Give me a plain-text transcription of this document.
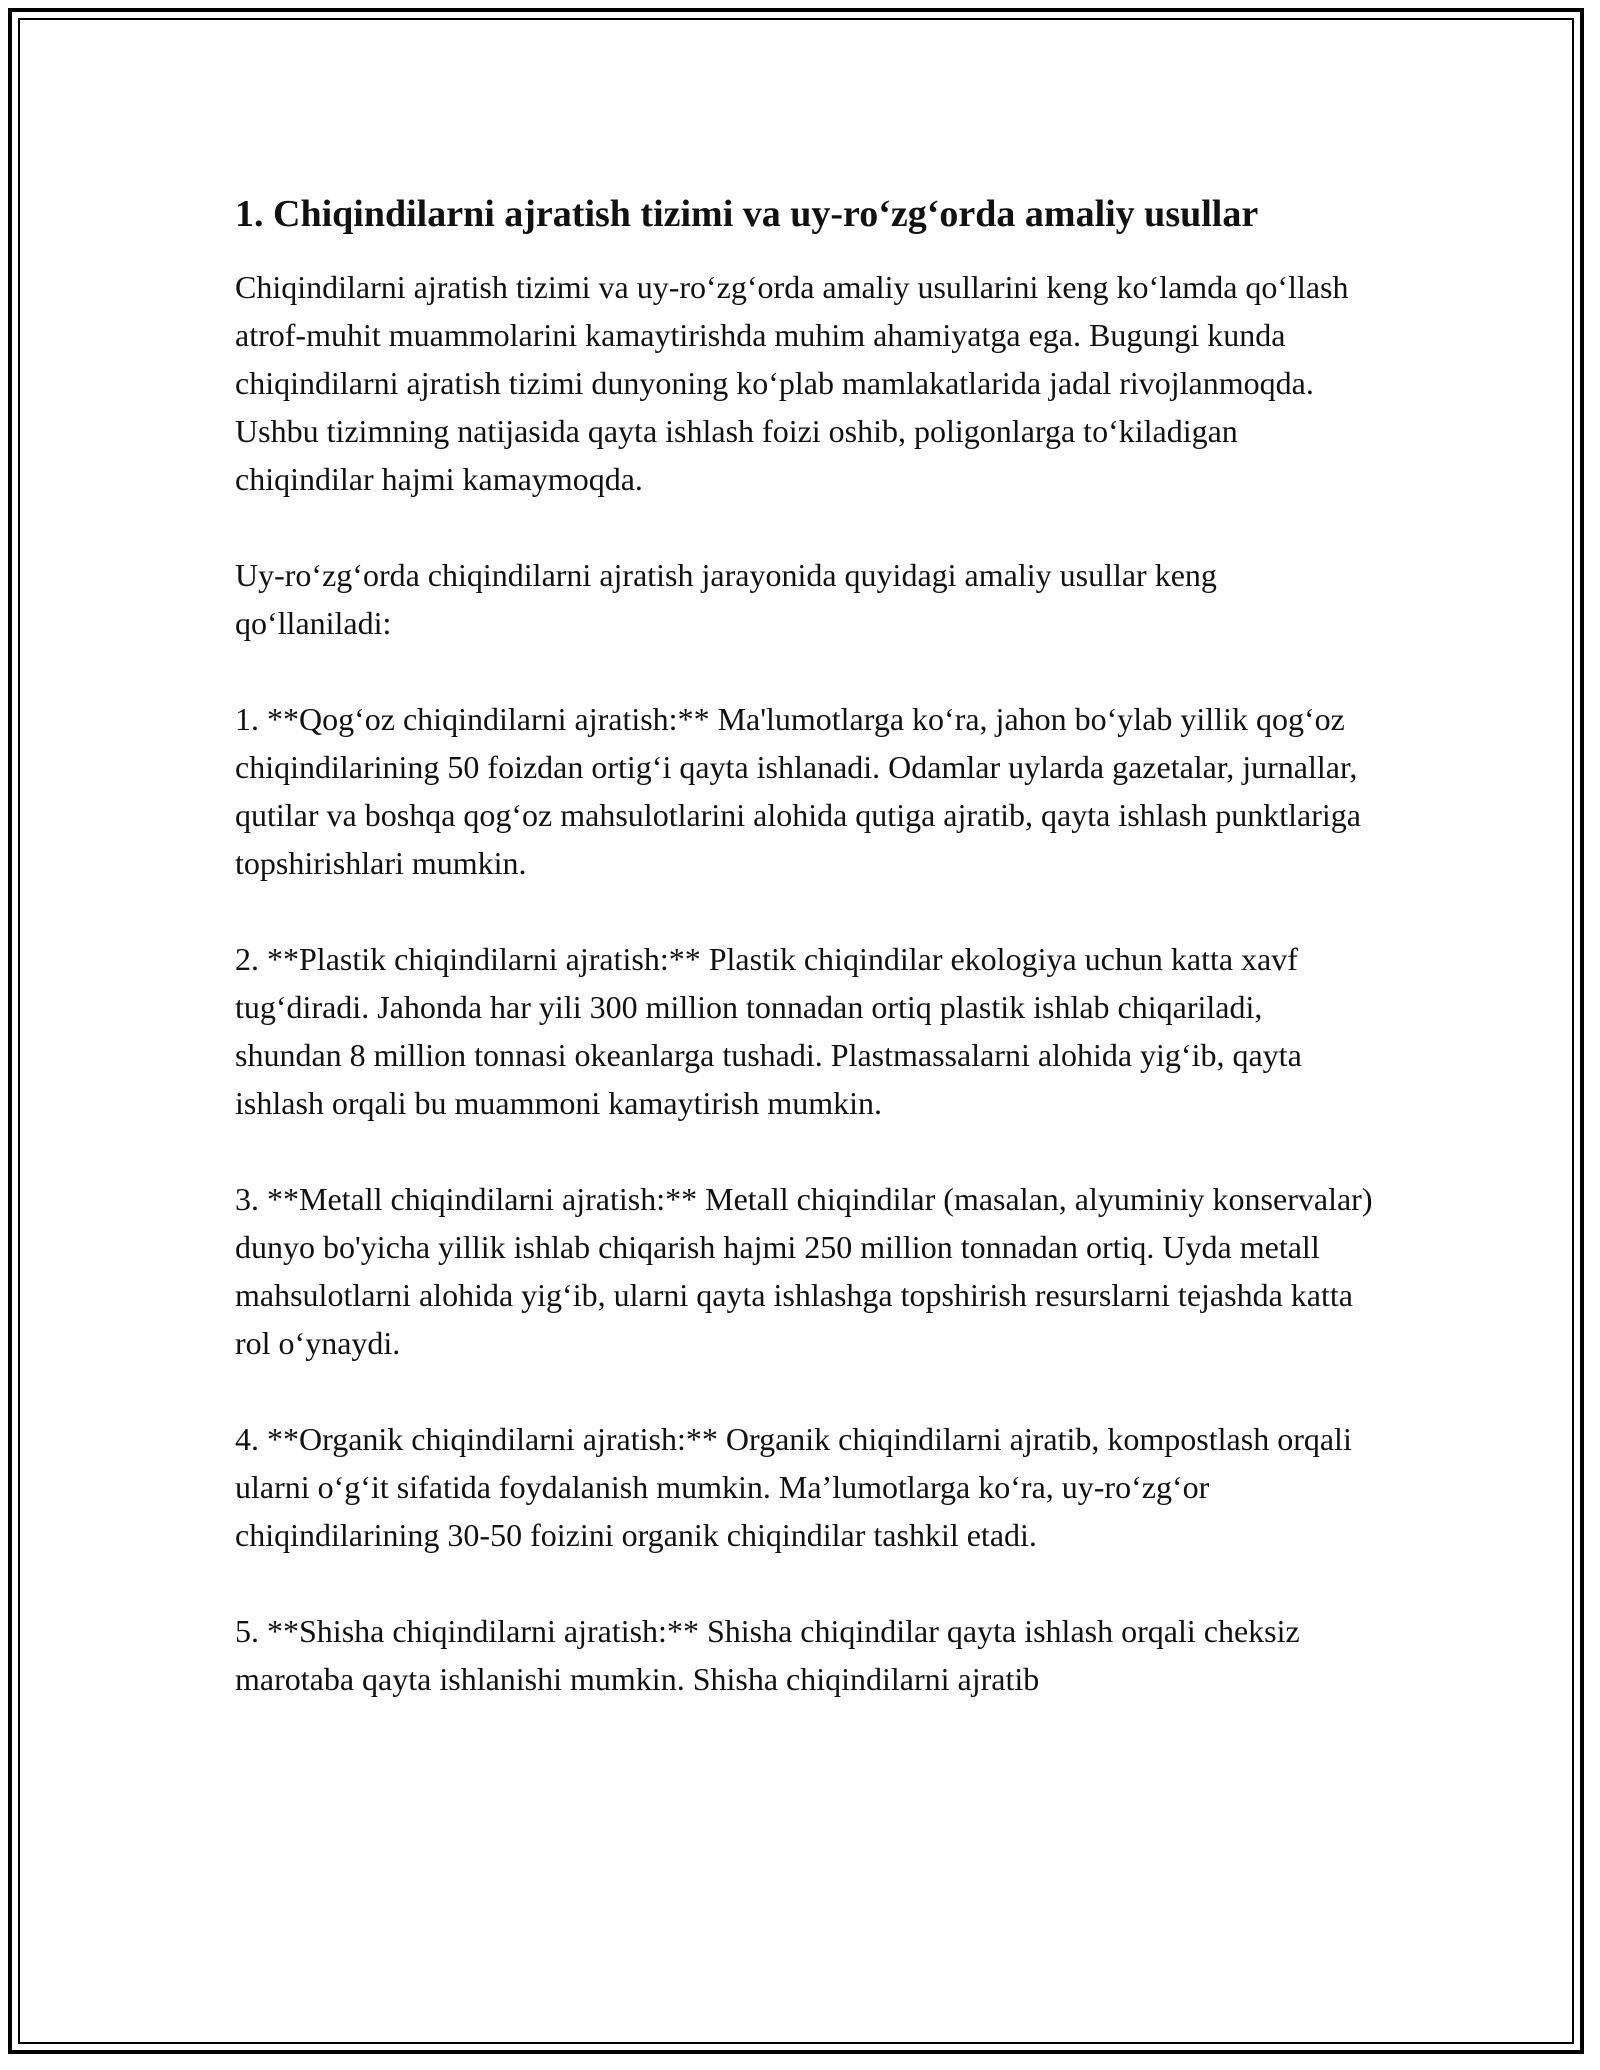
1. Chiqindilarni ajratish tizimi va uy-ro‘zg‘orda amaliy usullar

Chiqindilarni ajratish tizimi va uy-ro‘zg‘orda amaliy usullarini keng ko‘lamda qo‘llash atrof-muhit muammolarini kamaytirishda muhim ahamiyatga ega. Bugungi kunda chiqindilarni ajratish tizimi dunyoning ko‘plab mamlakatlarida jadal rivojlanmoqda. Ushbu tizimning natijasida qayta ishlash foizi oshib, poligonlarga to‘kiladigan chiqindilar hajmi kamaymoqda.

Uy-ro‘zg‘orda chiqindilarni ajratish jarayonida quyidagi amaliy usullar keng qo‘llaniladi:

1. **Qog‘oz chiqindilarni ajratish:** Ma'lumotlarga ko‘ra, jahon bo‘ylab yillik qog‘oz chiqindilarining 50 foizdan ortig‘i qayta ishlanadi. Odamlar uylarda gazetalar, jurnallar, qutilar va boshqa qog‘oz mahsulotlarini alohida qutiga ajratib, qayta ishlash punktlariga topshirishlari mumkin.

2. **Plastik chiqindilarni ajratish:** Plastik chiqindilar ekologiya uchun katta xavf tug‘diradi. Jahonda har yili 300 million tonnadan ortiq plastik ishlab chiqariladi, shundan 8 million tonnasi okeanlarga tushadi. Plastmassalarni alohida yig‘ib, qayta ishlash orqali bu muammoni kamaytirish mumkin.

3. **Metall chiqindilarni ajratish:** Metall chiqindilar (masalan, alyuminiy konservalar) dunyo bo'yicha yillik ishlab chiqarish hajmi 250 million tonnadan ortiq. Uyda metall mahsulotlarni alohida yig‘ib, ularni qayta ishlashga topshirish resurslarni tejashda katta rol o‘ynaydi.

4. **Organik chiqindilarni ajratish:** Organik chiqindilarni ajratib, kompostlash orqali ularni o‘g‘it sifatida foydalanish mumkin. Ma’lumotlarga ko‘ra, uy-ro‘zg‘or chiqindilarining 30-50 foizini organik chiqindilar tashkil etadi.

5. **Shisha chiqindilarni ajratish:** Shisha chiqindilar qayta ishlash orqali cheksiz marotaba qayta ishlanishi mumkin. Shisha chiqindilarni ajratib
